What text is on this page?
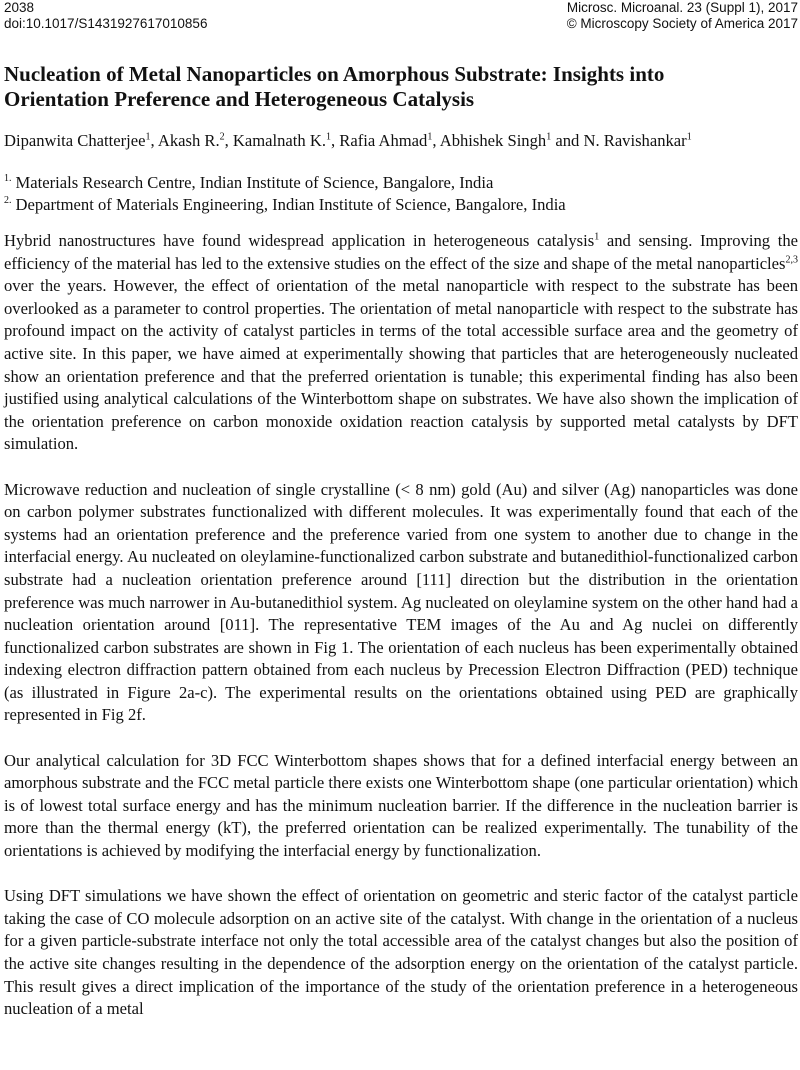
2038
doi:10.1017/S1431927617010856
Microsc. Microanal. 23 (Suppl 1), 2017
© Microscopy Society of America 2017
Nucleation of Metal Nanoparticles on Amorphous Substrate: Insights into
Orientation Preference and Heterogeneous Catalysis
Dipanwita Chatterjee$^1$, Akash R.$^2$, Kamalnath K.$^1$, Rafia Ahmad$^1$, Abhishek Singh$^1$ and N. Ravishankar$^1$
$^{1.}$ Materials Research Centre, Indian Institute of Science, Bangalore, India
$^{2.}$ Department of Materials Engineering, Indian Institute of Science, Bangalore, India

Hybrid nanostructures have found widespread application in heterogeneous catalysis$^1$ and sensing. Improving the efficiency of the material has led to the extensive studies on the effect of the size and shape of the metal nanoparticles$^{2,3}$ over the years. However, the effect of orientation of the metal nanoparticle with respect to the substrate has been overlooked as a parameter to control properties. The orientation of metal nanoparticle with respect to the substrate has profound impact on the activity of catalyst particles in terms of the total accessible surface area and the geometry of active site. In this paper, we have aimed at experimentally showing that particles that are heterogeneously nucleated show an orientation preference and that the preferred orientation is tunable; this experimental finding has also been justified using analytical calculations of the Winterbottom shape on substrates. We have also shown the implication of the orientation preference on carbon monoxide oxidation reaction catalysis by supported metal catalysts by DFT simulation.

Microwave reduction and nucleation of single crystalline (< 8 nm) gold (Au) and silver (Ag) nanoparticles was done on carbon polymer substrates functionalized with different molecules. It was experimentally found that each of the systems had an orientation preference and the preference varied from one system to another due to change in the interfacial energy. Au nucleated on oleylamine-functionalized carbon substrate and butanedithiol-functionalized carbon substrate had a nucleation orientation preference around [111] direction but the distribution in the orientation preference was much narrower in Au-butanedithiol system. Ag nucleated on oleylamine system on the other hand had a nucleation orientation around [011]. The representative TEM images of the Au and Ag nuclei on differently functionalized carbon substrates are shown in Fig 1. The orientation of each nucleus has been experimentally obtained indexing electron diffraction pattern obtained from each nucleus by Precession Electron Diffraction (PED) technique (as illustrated in Figure 2a-c). The experimental results on the orientations obtained using PED are graphically represented in Fig 2f.

Our analytical calculation for 3D FCC Winterbottom shapes shows that for a defined interfacial energy between an amorphous substrate and the FCC metal particle there exists one Winterbottom shape (one particular orientation) which is of lowest total surface energy and has the minimum nucleation barrier. If the difference in the nucleation barrier is more than the thermal energy (kT), the preferred orientation can be realized experimentally. The tunability of the orientations is achieved by modifying the interfacial energy by functionalization.

Using DFT simulations we have shown the effect of orientation on geometric and steric factor of the catalyst particle taking the case of CO molecule adsorption on an active site of the catalyst. With change in the orientation of a nucleus for a given particle-substrate interface not only the total accessible area of the catalyst changes but also the position of the active site changes resulting in the dependence of the adsorption energy on the orientation of the catalyst particle. This result gives a direct implication of the importance of the study of the orientation preference in a heterogeneous nucleation of a metal
